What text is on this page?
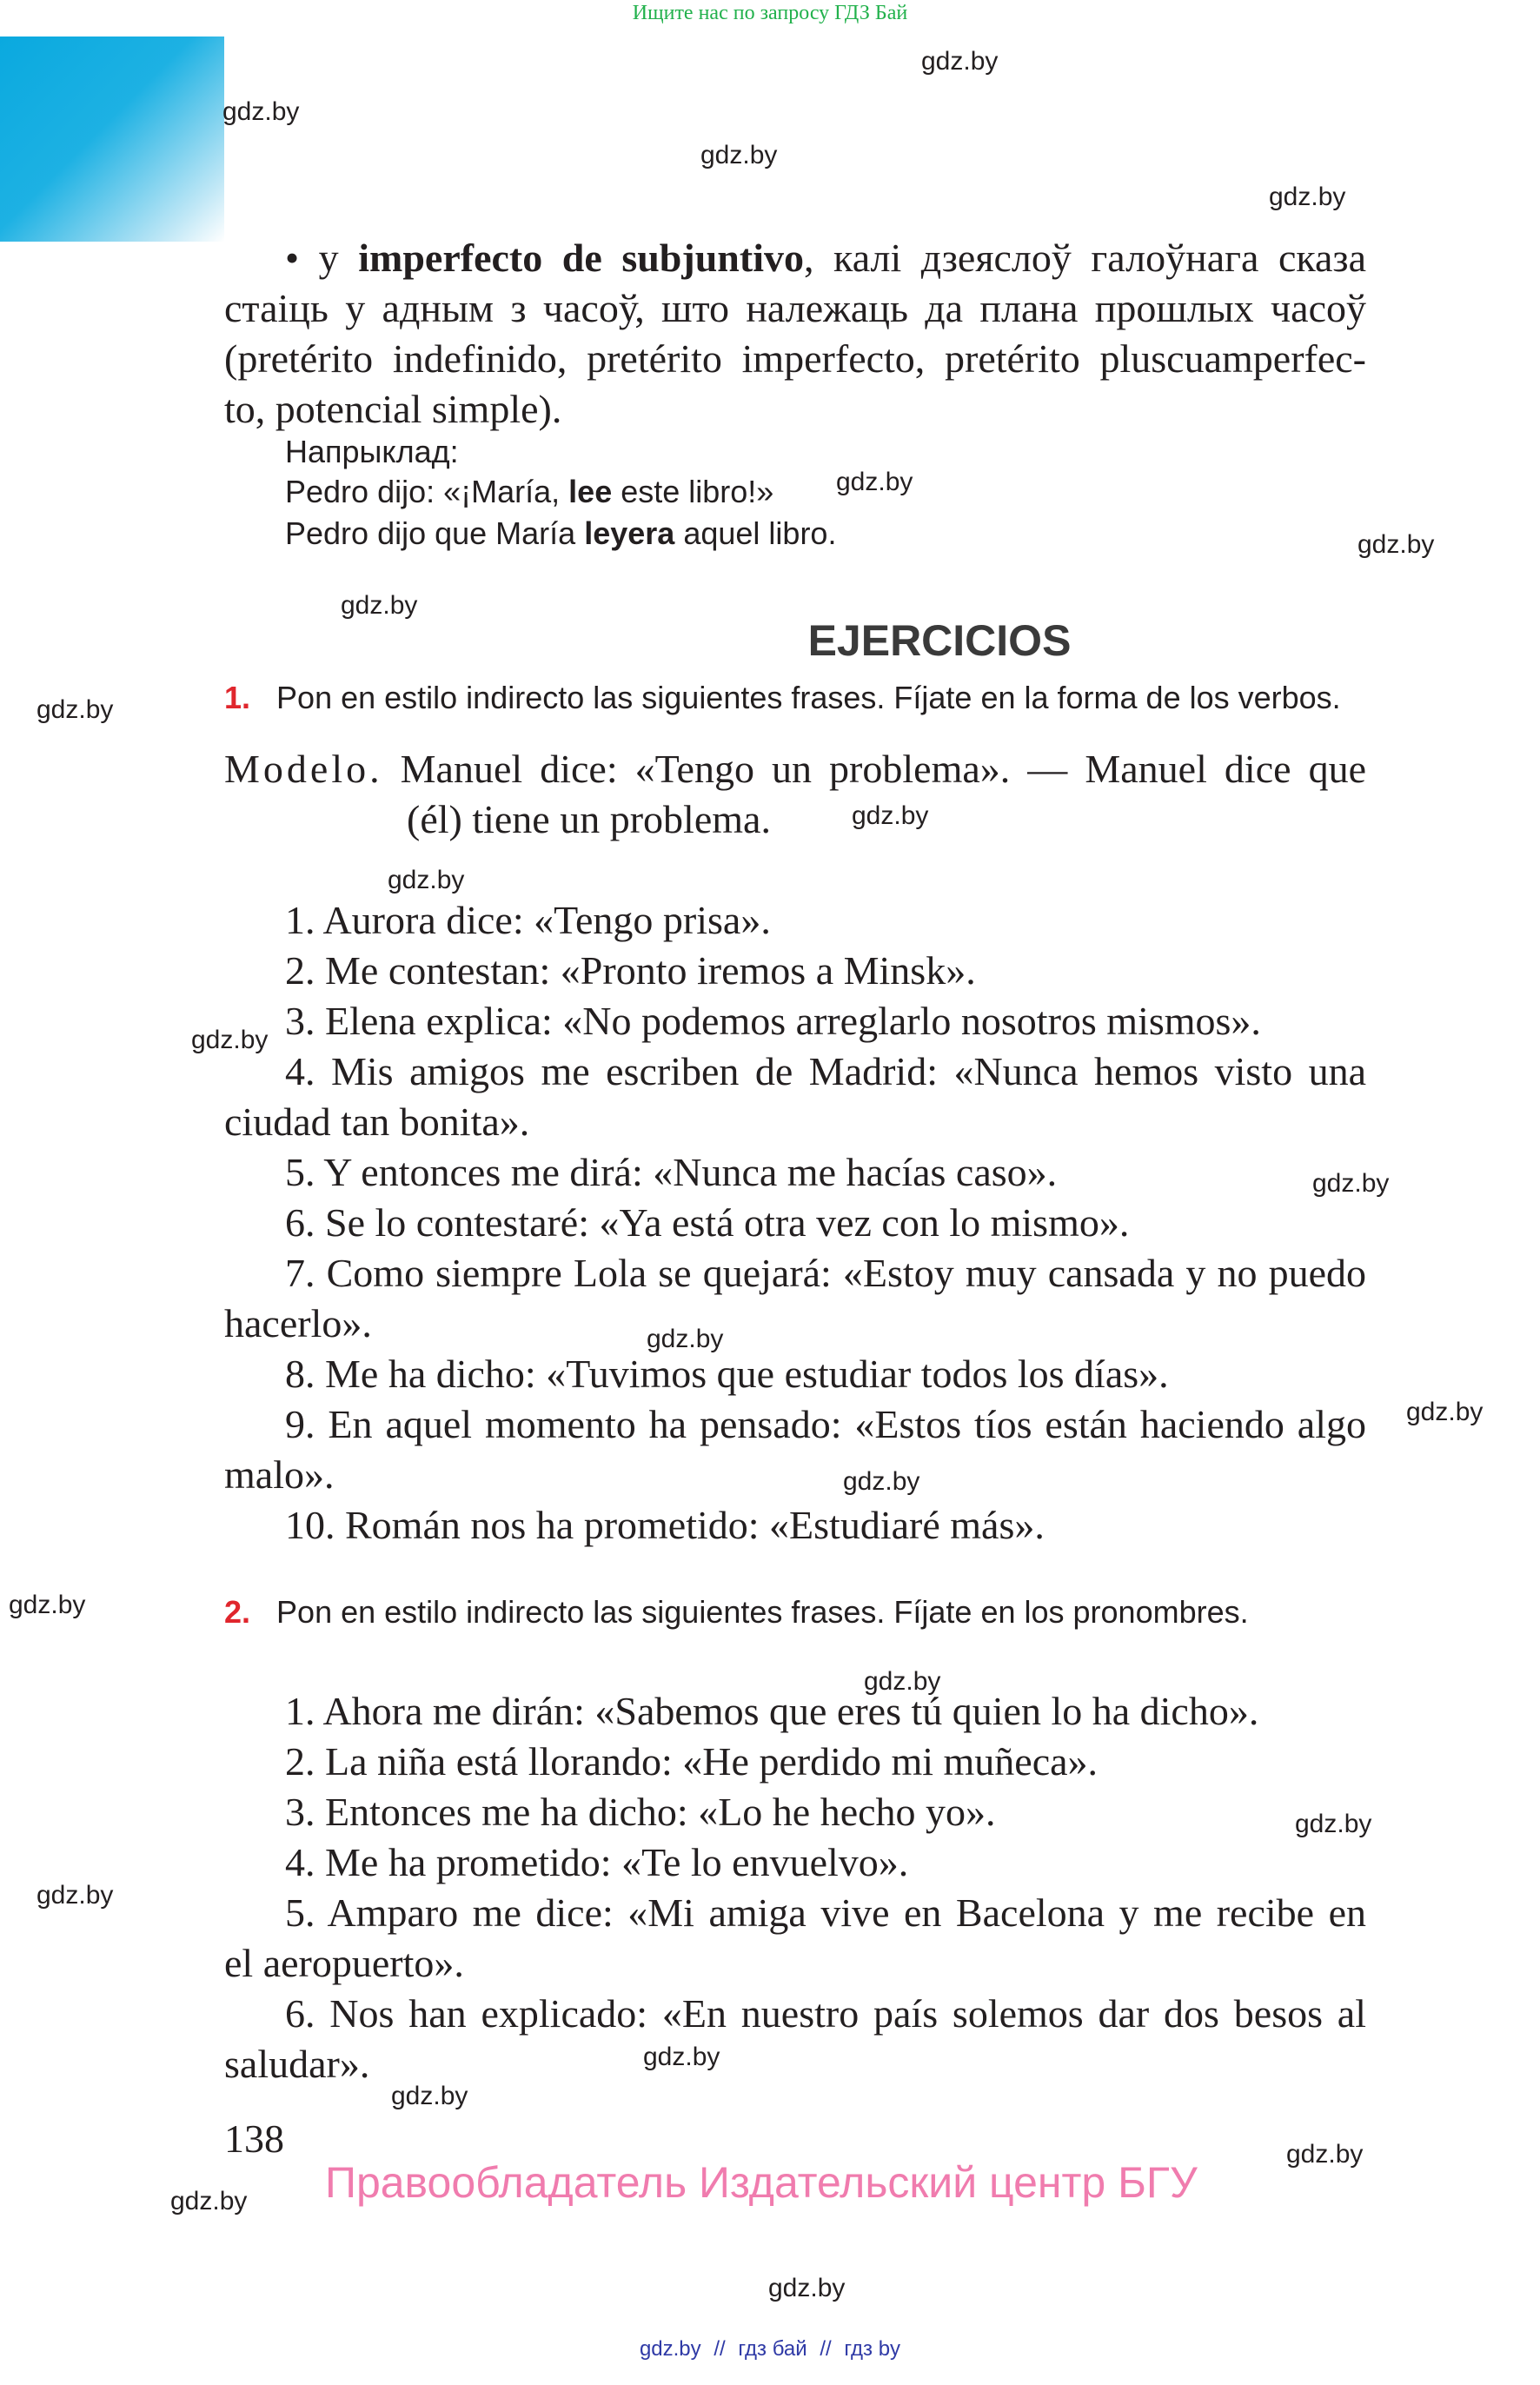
Ищите нас по запросу ГДЗ Бай
gdz.by
gdz.by
gdz.by
gdz.by
gdz.by
gdz.by
gdz.by
gdz.by
gdz.by
gdz.by
gdz.by
gdz.by
gdz.by
gdz.by
gdz.by
gdz.by
gdz.by
gdz.by
gdz.by
gdz.by
gdz.by
gdz.by
gdz.by
gdz.by
• у imperfecto de subjuntivo, калі дзеяслоў галоўнага сказа
стаіць у адным з часоў, што належаць да плана прошлых часоў
(pretérito indefinido, pretérito imperfecto, pretérito pluscuamperfec-
to, potencial simple).
Напрыклад:
Pedro dijo: «¡María, lee este libro!»
Pedro dijo que María leyera aquel libro.
EJERCICIOS
1. Pon en estilo indirecto las siguientes frases. Fíjate en la forma de los verbos.
Modelo. Manuel dice: «Tengo un problema». — Manuel dice que
(él) tiene un problema.
1. Aurora dice: «Tengo prisa».
2. Me contestan: «Pronto iremos a Minsk».
3. Elena explica: «No podemos arreglarlo nosotros mismos».
4. Mis amigos me escriben de Madrid: «Nunca hemos visto una
ciudad tan bonita».
5. Y entonces me dirá: «Nunca me hacías caso».
6. Se lo contestaré: «Ya está otra vez con lo mismo».
7. Como siempre Lola se quejará: «Estoy muy cansada y no puedo
hacerlo».
8. Me ha dicho: «Tuvimos que estudiar todos los días».
9. En aquel momento ha pensado: «Estos tíos están haciendo algo
malo».
10. Román nos ha prometido: «Estudiaré más».
2. Pon en estilo indirecto las siguientes frases. Fíjate en los pronombres.
1. Ahora me dirán: «Sabemos que eres tú quien lo ha dicho».
2. La niña está llorando: «He perdido mi muñeca».
3. Entonces me ha dicho: «Lo he hecho yo».
4. Me ha prometido: «Te lo envuelvo».
5. Amparo me dice: «Mi amiga vive en Bacelona y me recibe en
el aeropuerto».
6. Nos han explicado: «En nuestro país solemos dar dos besos al
saludar».
138
Правообладатель Издательский центр БГУ
gdz.by // гдз бай // гдз by
